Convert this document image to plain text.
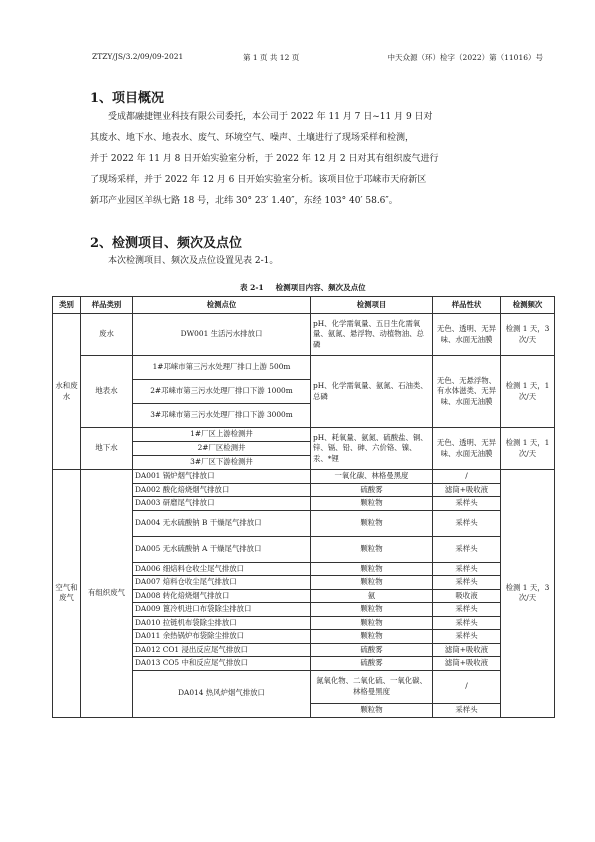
ZTZY/JS/3.2/09/09-2021	第 1 页 共 12 页	中天众源（环）检字（2022）第（11016）号
1、项目概况
受成都融捷锂业科技有限公司委托，本公司于 2022 年 11 月 7 日~11 月 9 日对
其废水、地下水、地表水、废气、环境空气、噪声、土壤进行了现场采样和检测，
并于 2022 年 11 月 8 日开始实验室分析，于 2022 年 12 月 2 日对其有组织废气进行
了现场采样，并于 2022 年 12 月 6 日开始实验室分析。该项目位于邛崃市天府新区
新邛产业园区羊纵七路 18 号，北纬 30° 23′ 1.40″，东经 103° 40′ 58.6″。
2、检测项目、频次及点位
本次检测项目、频次及点位设置见表 2-1。
表 2-1 检测项目内容、频次及点位
类别	样品类别	检测点位	检测项目	样品性状	检测频次
水和废水	废水	DW001 生活污水排放口	pH、化学需氧量、五日生化需氧量、氨氮、悬浮物、动植物油、总磷	无色、透明、无异味、水面无油膜	检测 1 天，3 次/天
	地表水	1#邛崃市第三污水处理厂排口上游 500m	pH、化学需氧量、氨氮、石油类、总磷	无色、无悬浮物、有水体滋类、无异味、水面无油膜	检测 1 天，1 次/天
		2#邛崃市第三污水处理厂排口下游 1000m			
		3#邛崃市第三污水处理厂排口下游 3000m			
	地下水	1#厂区上游检测井	pH、耗氧量、氨氮、硫酸盐、铜、锌、镉、铅、砷、六价铬、镍、汞、*锂	无色、透明、无异味、水面无油膜	检测 1 天，1 次/天
		2#厂区检测井			
		3#厂区下游检测井			
空气和废气	有组织废气	DA001 锅炉烟气排放口	一氧化碳、林格曼黑度	/	检测 1 天，3 次/天
		DA002 酸化焙烧烟气排放口	硫酸雾	滤筒+吸收液	
		DA003 研磨尾气排放口	颗粒物	采样头	
		DA004 无水硫酸钠 B 干燥尾气排放口	颗粒物	采样头	
		DA005 无水硫酸钠 A 干燥尾气排放口	颗粒物	采样头	
		DA006 细焙料仓收尘尾气排放口	颗粒物	采样头	
		DA007 焙料仓收尘尾气排放口	颗粒物	采样头	
		DA008 转化焙烧烟气排放口	氨	吸收液	
		DA009 篦冷机进口布袋除尘排放口	颗粒物	采样头	
		DA010 拉链机布袋除尘排放口	颗粒物	采样头	
		DA011 余热锅炉布袋除尘排放口	颗粒物	采样头	
		DA012 CO1 浸出反应尾气排放口	硫酸雾	滤筒+吸收液	
		DA013 CO5 中和反应尾气排放口	硫酸雾	滤筒+吸收液	
		DA014 热风炉烟气排放口	氮氧化物、二氧化硫、一氧化碳、林格曼黑度	/	
			颗粒物	采样头	
